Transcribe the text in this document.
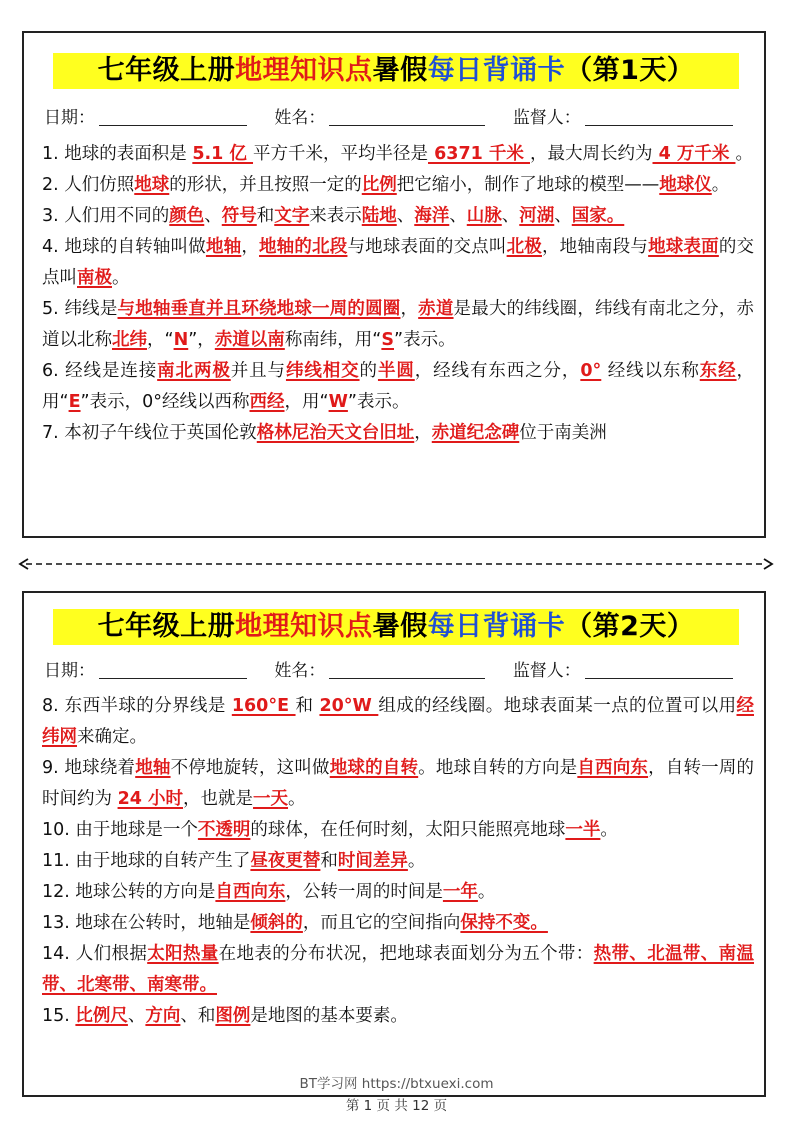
七年级上册地理知识点暑假每日背诵卡（第1天）
日期：	姓名：	监督人：

1. 地球的表面积是 5.1 亿 平方千米，平均半径是 6371 千米 ，最大周长约为 4 万千米 。

2. 人们仿照地球的形状，并且按照一定的比例把它缩小，制作了地球的模型——地球仪。

3. 人们用不同的颜色、符号和文字来表示陆地、海洋、山脉、河湖、国家。

4. 地球的自转轴叫做地轴，地轴的北段与地球表面的交点叫北极，地轴南段与地球表面的交点叫南极。

5. 纬线是与地轴垂直并且环绕地球一周的圆圈，赤道是最大的纬线圈，纬线有南北之分，赤道以北称北纬，“N”，赤道以南称南纬，用“S”表示。

6. 经线是连接南北两极并且与纬线相交的半圆，经线有东西之分，0° 经线以东称东经，用“E”表示，0°经线以西称西经，用“W”表示。

7. 本初子午线位于英国伦敦格林尼治天文台旧址，赤道纪念碑位于南美洲

七年级上册地理知识点暑假每日背诵卡（第2天）
日期：	姓名：	监督人：

8. 东西半球的分界线是 160°E 和 20°W 组成的经线圈。地球表面某一点的位置可以用经纬网来确定。

9. 地球绕着地轴不停地旋转，这叫做地球的自转。地球自转的方向是自西向东，自转一周的时间约为 24 小时，也就是一天。

10. 由于地球是一个不透明的球体，在任何时刻，太阳只能照亮地球一半。

11. 由于地球的自转产生了昼夜更替和时间差异。

12. 地球公转的方向是自西向东，公转一周的时间是一年。

13. 地球在公转时，地轴是倾斜的，而且它的空间指向保持不变。

14. 人们根据太阳热量在地表的分布状况，把地球表面划分为五个带：热带、北温带、南温带、北寒带、南寒带。

15. 比例尺、方向、和图例是地图的基本要素。

BT学习网 https://btxuexi.com
第 1 页 共 12 页
